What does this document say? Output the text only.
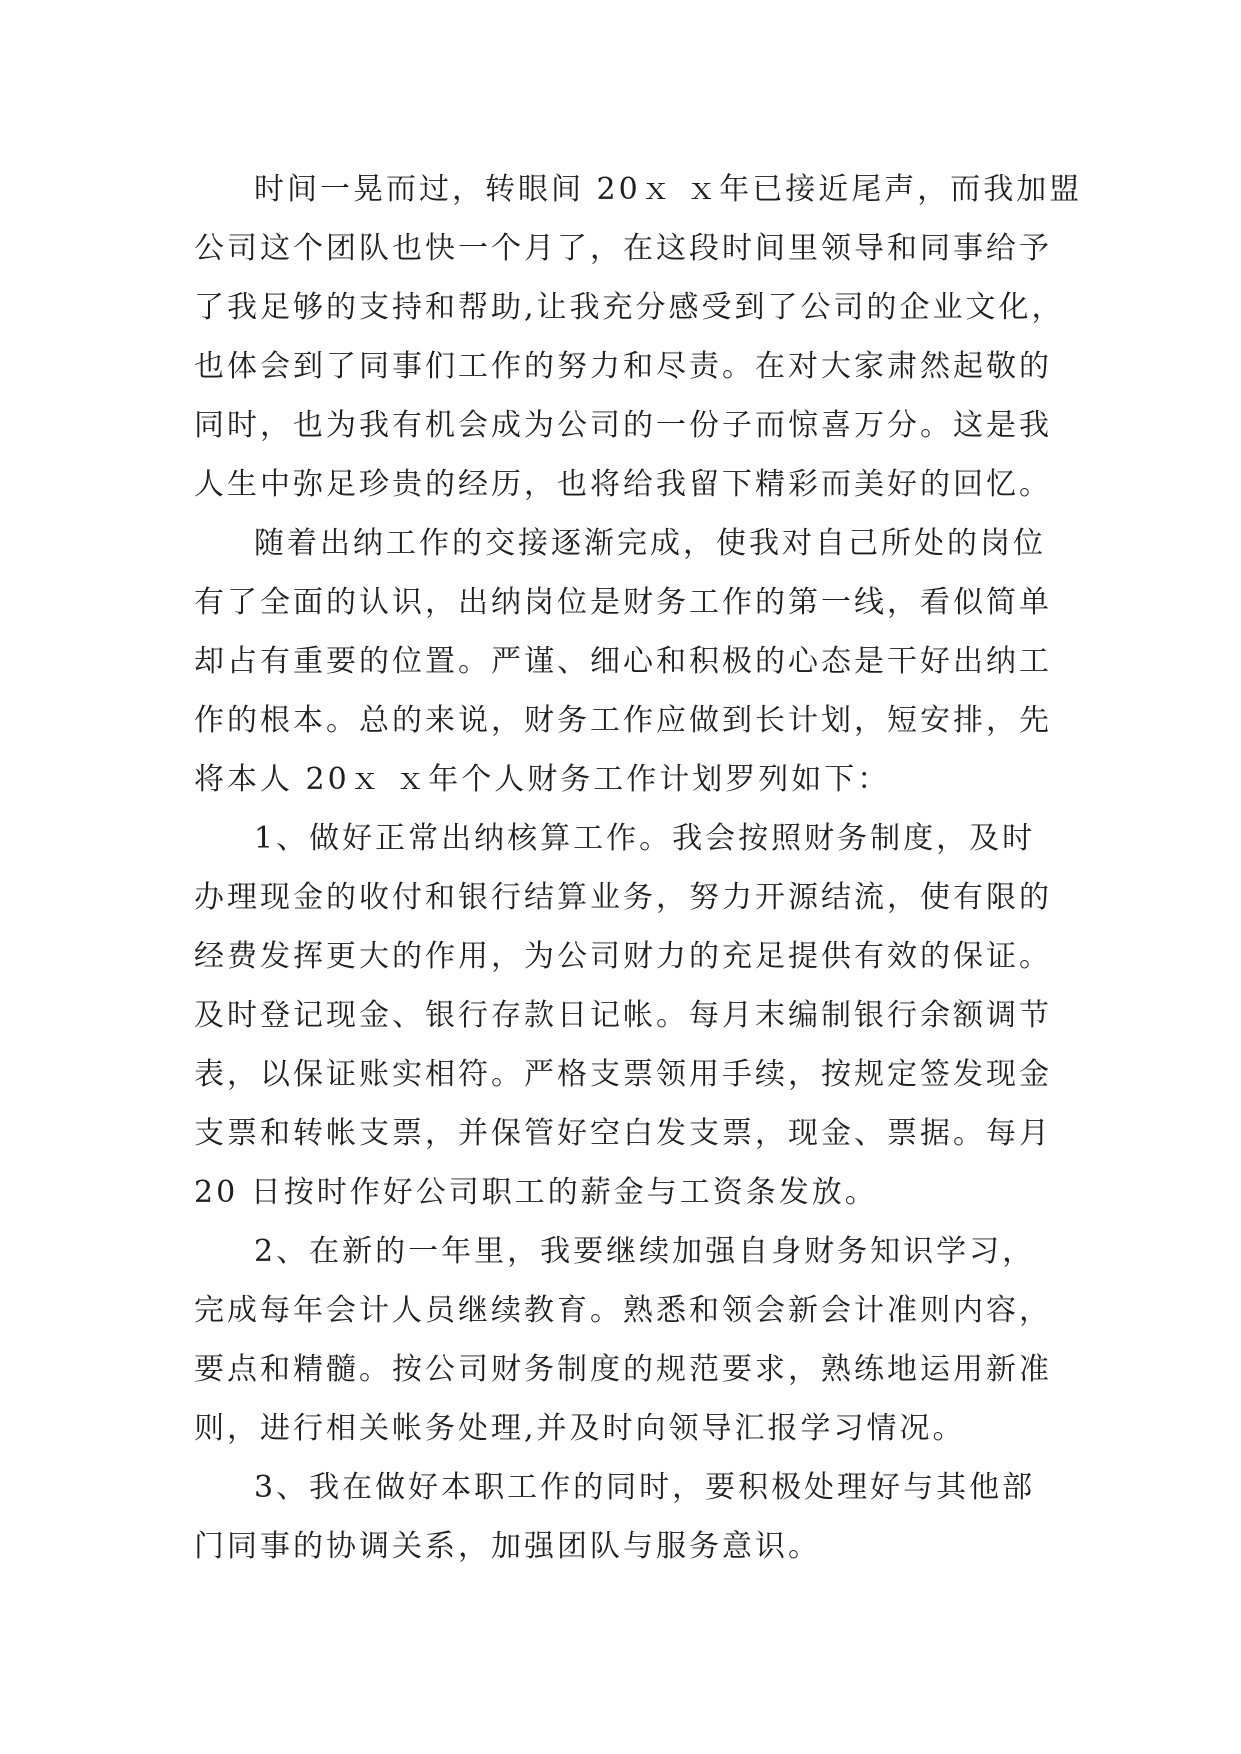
时间一晃而过，转眼间 20ｘ ｘ年已接近尾声，而我加盟
公司这个团队也快一个月了，在这段时间里领导和同事给予
了我足够的支持和帮助,让我充分感受到了公司的企业文化，
也体会到了同事们工作的努力和尽责。在对大家肃然起敬的
同时，也为我有机会成为公司的一份子而惊喜万分。这是我
人生中弥足珍贵的经历，也将给我留下精彩而美好的回忆。
随着出纳工作的交接逐渐完成，使我对自己所处的岗位
有了全面的认识，出纳岗位是财务工作的第一线，看似简单
却占有重要的位置。严谨、细心和积极的心态是干好出纳工
作的根本。总的来说，财务工作应做到长计划，短安排，先
将本人 20ｘ ｘ年个人财务工作计划罗列如下：
1、做好正常出纳核算工作。我会按照财务制度，及时
办理现金的收付和银行结算业务，努力开源结流，使有限的
经费发挥更大的作用，为公司财力的充足提供有效的保证。
及时登记现金、银行存款日记帐。每月末编制银行余额调节
表，以保证账实相符。严格支票领用手续，按规定签发现金
支票和转帐支票，并保管好空白发支票，现金、票据。每月
20 日按时作好公司职工的薪金与工资条发放。
2、在新的一年里，我要继续加强自身财务知识学习，
完成每年会计人员继续教育。熟悉和领会新会计准则内容，
要点和精髓。按公司财务制度的规范要求，熟练地运用新准
则，进行相关帐务处理,并及时向领导汇报学习情况。
3、我在做好本职工作的同时，要积极处理好与其他部
门同事的协调关系，加强团队与服务意识。
